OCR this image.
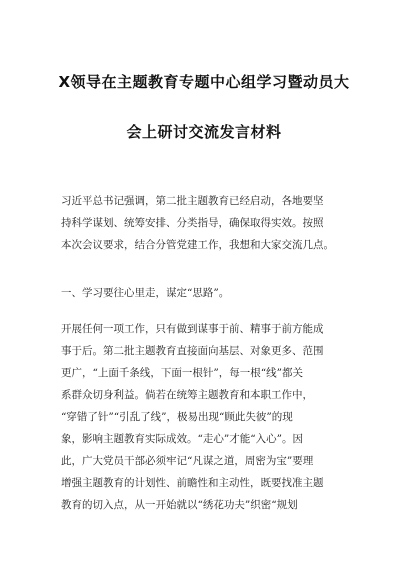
X领导在主题教育专题中心组学习暨动员大
会上研讨交流发言材料
习近平总书记强调，第二批主题教育已经启动，各地要坚
持科学谋划、统筹安排、分类指导，确保取得实效。按照
本次会议要求，结合分管党建工作，我想和大家交流几点。
一、学习要往心里走，谋定“思路”。
开展任何一项工作，只有做到谋事于前、精事于前方能成
事于后。第二批主题教育直接面向基层、对象更多、范围
更广，“上面千条线，下面一根针”，每一根“线”都关
系群众切身利益。倘若在统筹主题教育和本职工作中，
“穿错了针”“引乱了线”，极易出现“顾此失彼”的现
象，影响主题教育实际成效。“走心”才能“入心”。因
此，广大党员干部必须牢记“凡谋之道，周密为宝”要理
增强主题教育的计划性、前瞻性和主动性，既要找准主题
教育的切入点，从一开始就以“绣花功夫”织密“规划
